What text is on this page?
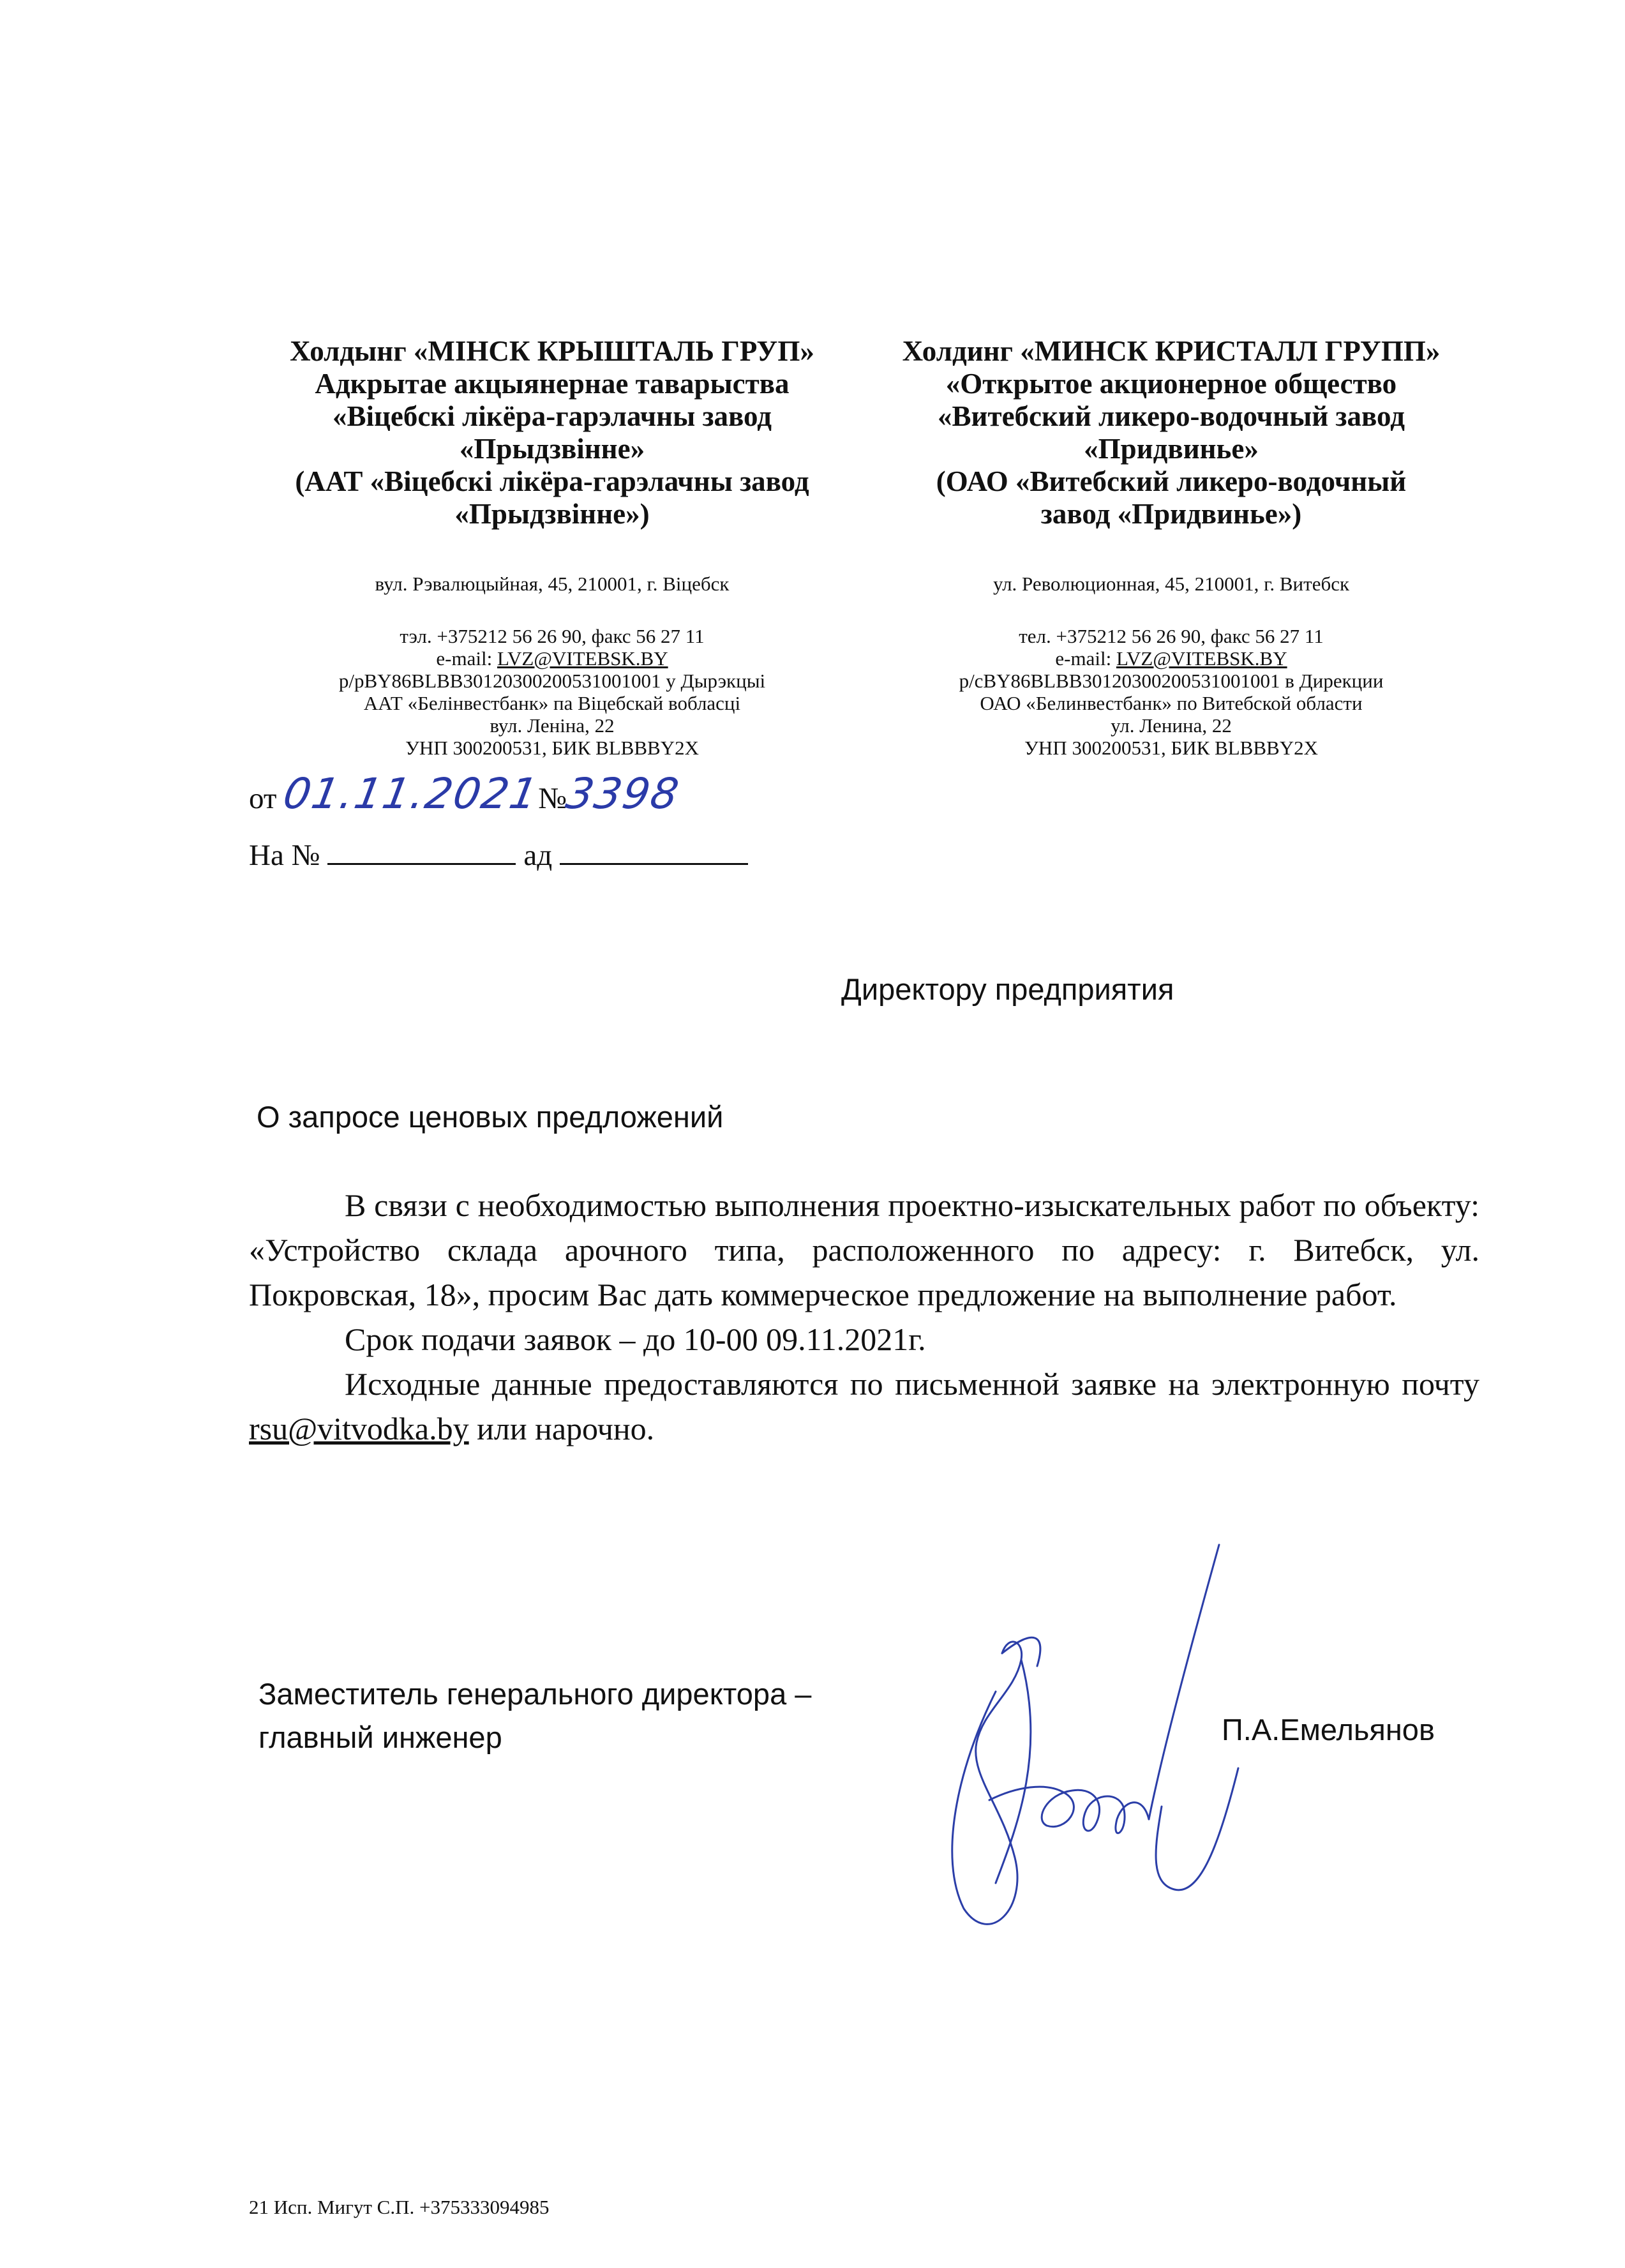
Холдынг «МІНСК КРЫШТАЛЬ ГРУП»
Адкрытае акцыянернае таварыства
«Віцебскі лікёра-гарэлачны завод
«Прыдзвінне»
(ААТ «Віцебскі лікёра-гарэлачны завод
«Прыдзвінне»)
вул. Рэвалюцыйная, 45, 210001, г. Віцебск
тэл. +375212 56 26 90, факс 56 27 11
e-mail: LVZ@VITEBSK.BY
р/рBY86BLBB30120300200531001001 у Дырэкцыі
ААТ «Белінвестбанк» па Віцебскай вобласці
вул. Леніна, 22
УНП 300200531, БИК BLBBBY2X
Холдинг «МИНСК КРИСТАЛЛ ГРУПП»
«Открытое акционерное общество
«Витебский ликеро-водочный завод
«Придвинье»
(ОАО «Витебский ликеро-водочный
завод «Придвинье»)
ул. Революционная, 45, 210001, г. Витебск
тел. +375212 56 26 90, факс 56 27 11
e-mail: LVZ@VITEBSK.BY
р/сBY86BLBB30120300200531001001 в Дирекции
ОАО «Белинвестбанк» по Витебской области
ул. Ленина, 22
УНП 300200531, БИК BLBBBY2X
от 01.11.2021№3398
На №	ад
Директору предприятия
О запросе ценовых предложений

В связи с необходимостью выполнения проектно-изыскательных работ по объекту: «Устройство склада арочного типа, расположенного по адресу: г. Витебск, ул. Покровская, 18», просим Вас дать коммерческое предложение на выполнение работ.

Срок подачи заявок – до 10-00 09.11.2021г.

Исходные данные предоставляются по письменной заявке на электронную почту rsu@vitvodka.by или нарочно.

Заместитель генерального директора –
главный инженер	П.А.Емельянов
21 Исп. Мигут С.П. +375333094985
